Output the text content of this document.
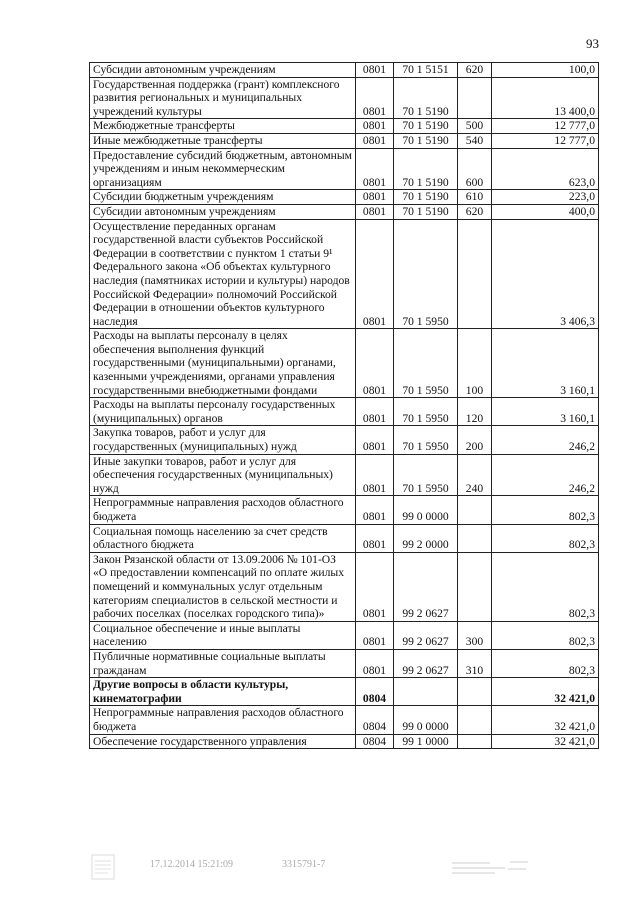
93
Субсидии автономным учреждениям	0801	70 1 5151	620	100,0
Государственная поддержка (грант) комплексного развития региональных и муниципальных учреждений культуры	0801	70 1 5190		13 400,0
Межбюджетные трансферты	0801	70 1 5190	500	12 777,0
Иные межбюджетные трансферты	0801	70 1 5190	540	12 777,0
Предоставление субсидий бюджетным, автономным учреждениям и иным некоммерческим организациям	0801	70 1 5190	600	623,0
Субсидии бюджетным учреждениям	0801	70 1 5190	610	223,0
Субсидии автономным учреждениям	0801	70 1 5190	620	400,0
Осуществление переданных органам государственной власти субъектов Российской Федерации в соответствии с пунктом 1 статьи 9¹ Федерального закона «Об объектах культурного наследия (памятниках истории и культуры) народов Российской Федерации» полномочий Российской Федерации в отношении объектов культурного наследия	0801	70 1 5950		3 406,3
Расходы на выплаты персоналу в целях обеспечения выполнения функций государственными (муниципальными) органами, казенными учреждениями, органами управления государственными внебюджетными фондами	0801	70 1 5950	100	3 160,1
Расходы на выплаты персоналу государственных (муниципальных) органов	0801	70 1 5950	120	3 160,1
Закупка товаров, работ и услуг для государственных (муниципальных) нужд	0801	70 1 5950	200	246,2
Иные закупки товаров, работ и услуг для обеспечения государственных (муниципальных) нужд	0801	70 1 5950	240	246,2
Непрограммные направления расходов областного бюджета	0801	99 0 0000		802,3
Социальная помощь населению за счет средств областного бюджета	0801	99 2 0000		802,3
Закон Рязанской области от 13.09.2006 № 101-ОЗ «О предоставлении компенсаций по оплате жилых помещений и коммунальных услуг отдельным категориям специалистов в сельской местности и рабочих поселках (поселках городского типа)»	0801	99 2 0627		802,3
Социальное обеспечение и иные выплаты населению	0801	99 2 0627	300	802,3
Публичные нормативные социальные выплаты гражданам	0801	99 2 0627	310	802,3
Другие вопросы в области культуры, кинематографии	0804			32 421,0
Непрограммные направления расходов областного бюджета	0804	99 0 0000		32 421,0
Обеспечение государственного управления	0804	99 1 0000		32 421,0
17.12.2014 15:21:09	3315791-7
